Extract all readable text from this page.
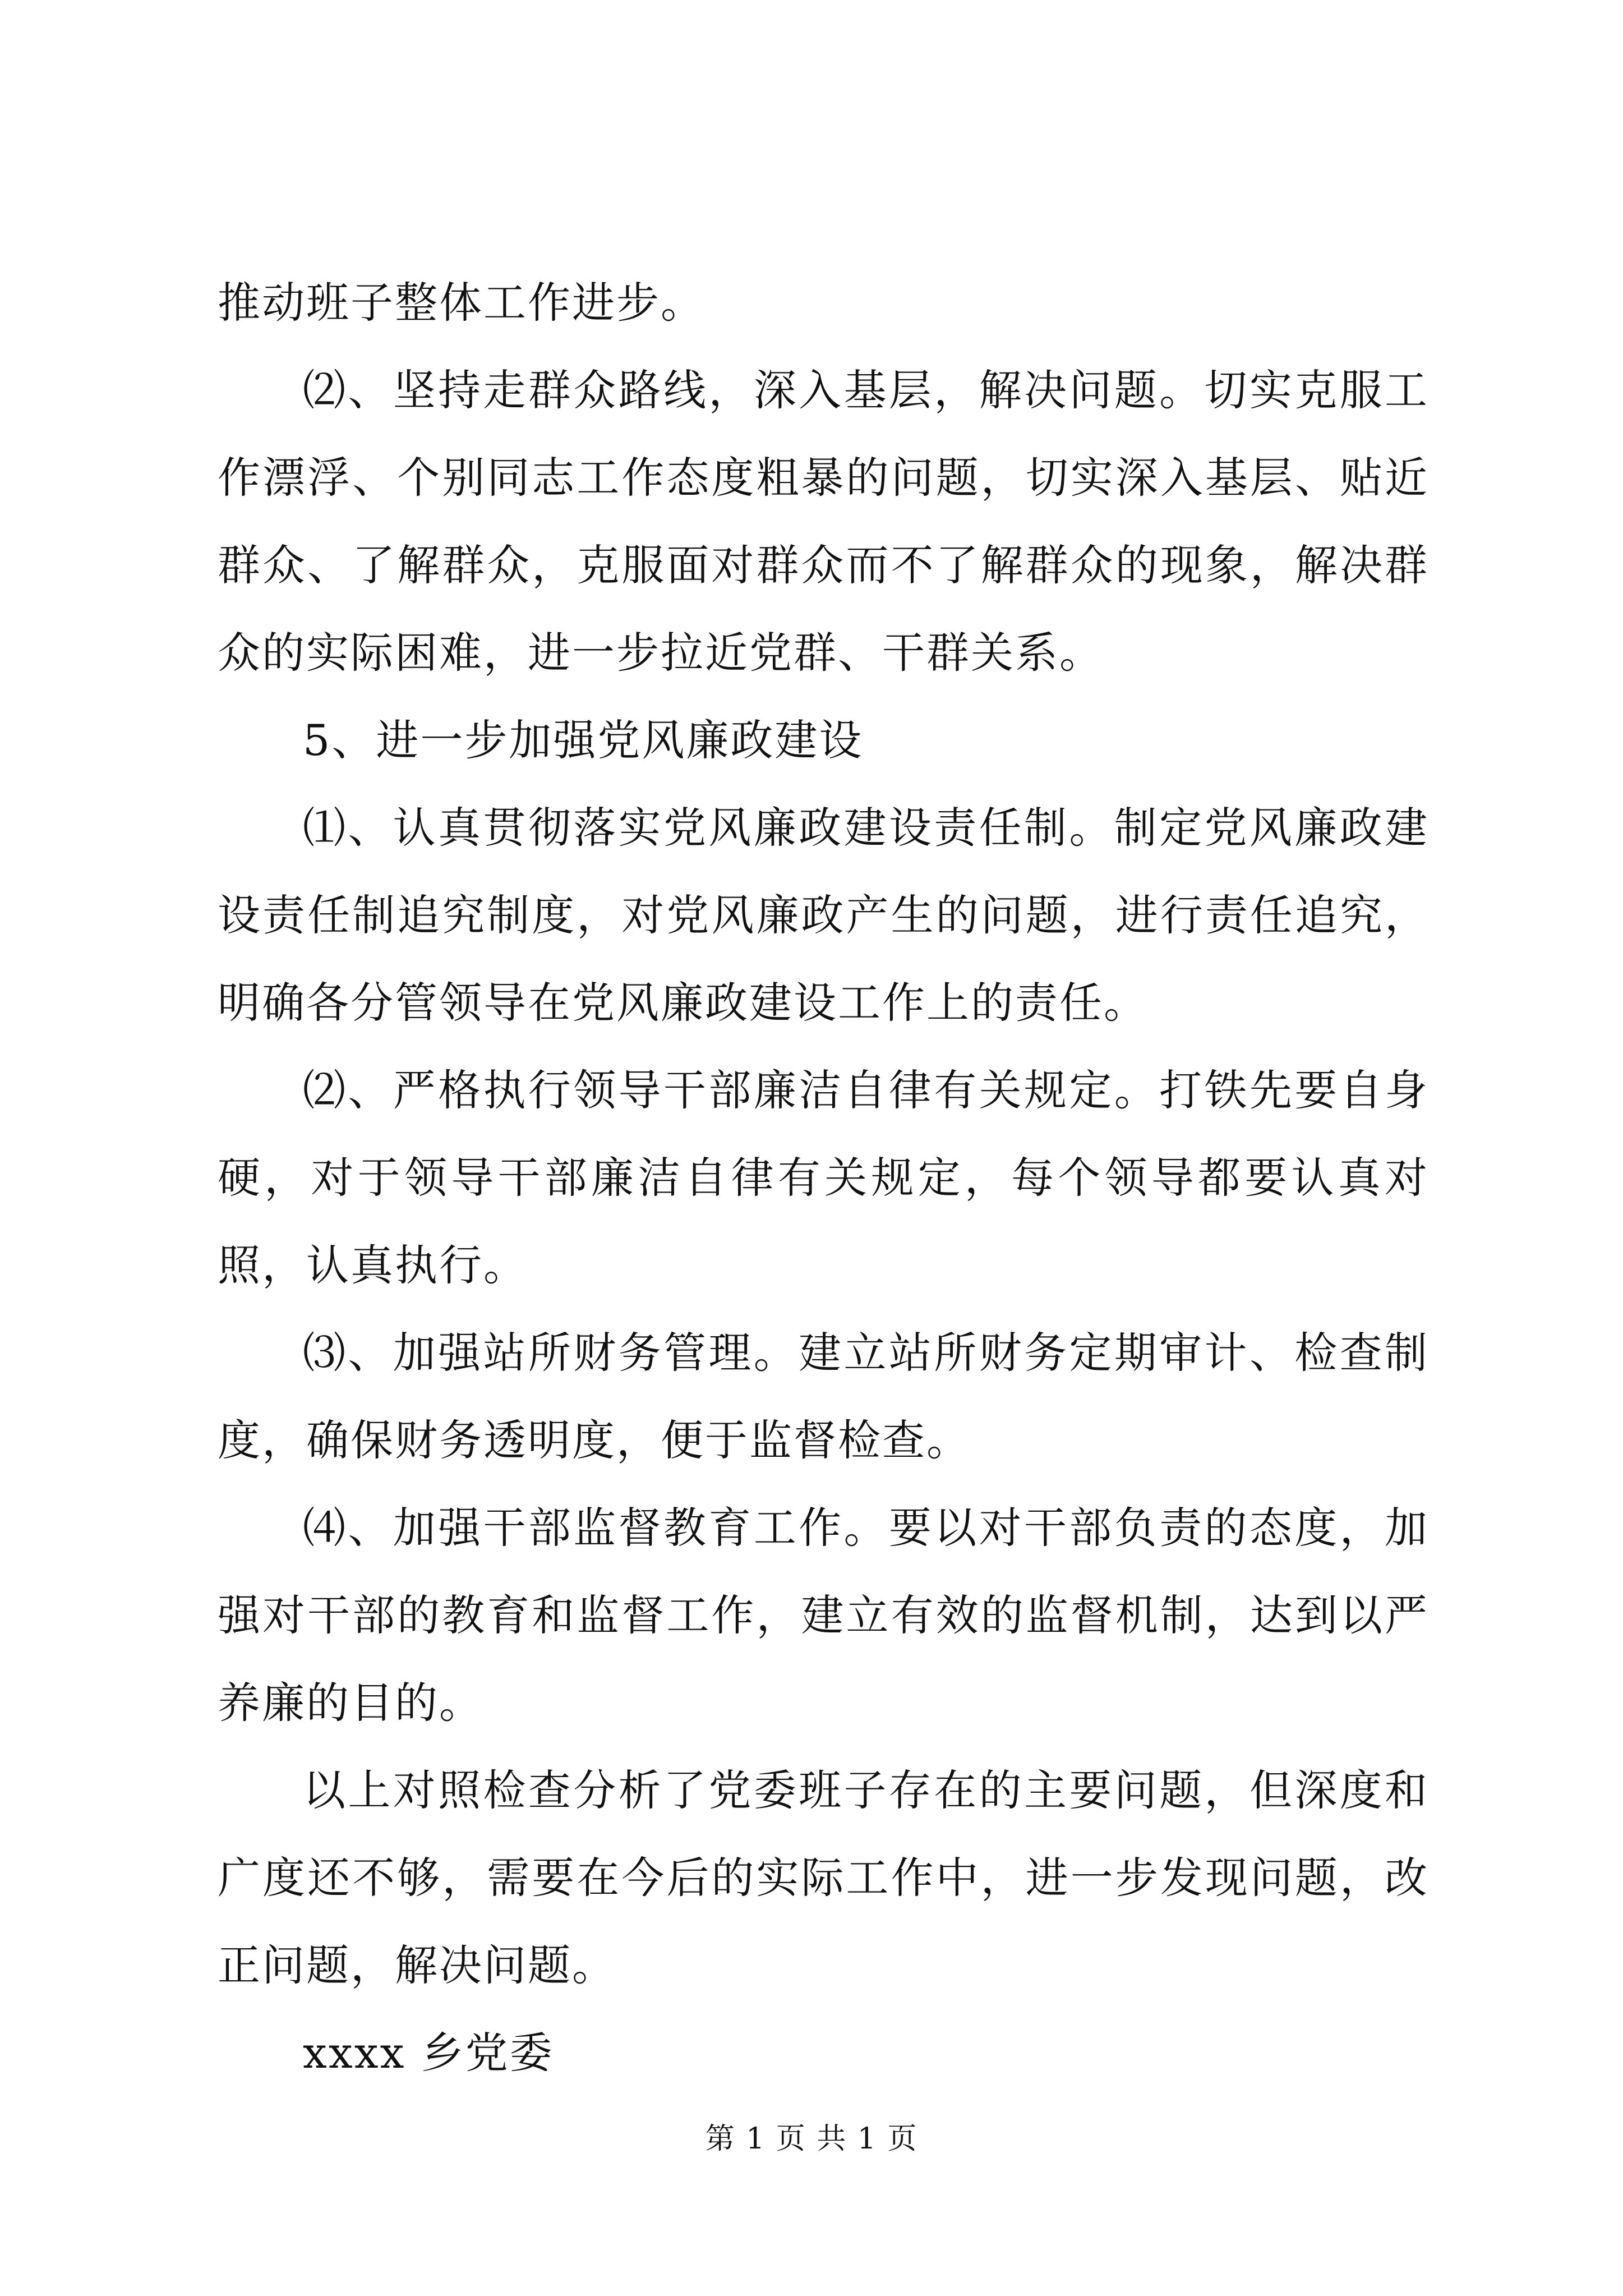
推动班子整体工作进步。

⑵、坚持走群众路线，深入基层，解决问题。切实克服工作漂浮、个别同志工作态度粗暴的问题，切实深入基层、贴近群众、了解群众，克服面对群众而不了解群众的现象，解决群众的实际困难，进一步拉近党群、干群关系。

5、进一步加强党风廉政建设

⑴、认真贯彻落实党风廉政建设责任制。制定党风廉政建设责任制追究制度，对党风廉政产生的问题，进行责任追究，明确各分管领导在党风廉政建设工作上的责任。

⑵、严格执行领导干部廉洁自律有关规定。打铁先要自身硬，对于领导干部廉洁自律有关规定，每个领导都要认真对照，认真执行。

⑶、加强站所财务管理。建立站所财务定期审计、检查制度，确保财务透明度，便于监督检查。

⑷、加强干部监督教育工作。要以对干部负责的态度，加强对干部的教育和监督工作，建立有效的监督机制，达到以严养廉的目的。

以上对照检查分析了党委班子存在的主要问题，但深度和广度还不够，需要在今后的实际工作中，进一步发现问题，改正问题，解决问题。

xxxx 乡党委

第 1 页 共 1 页
